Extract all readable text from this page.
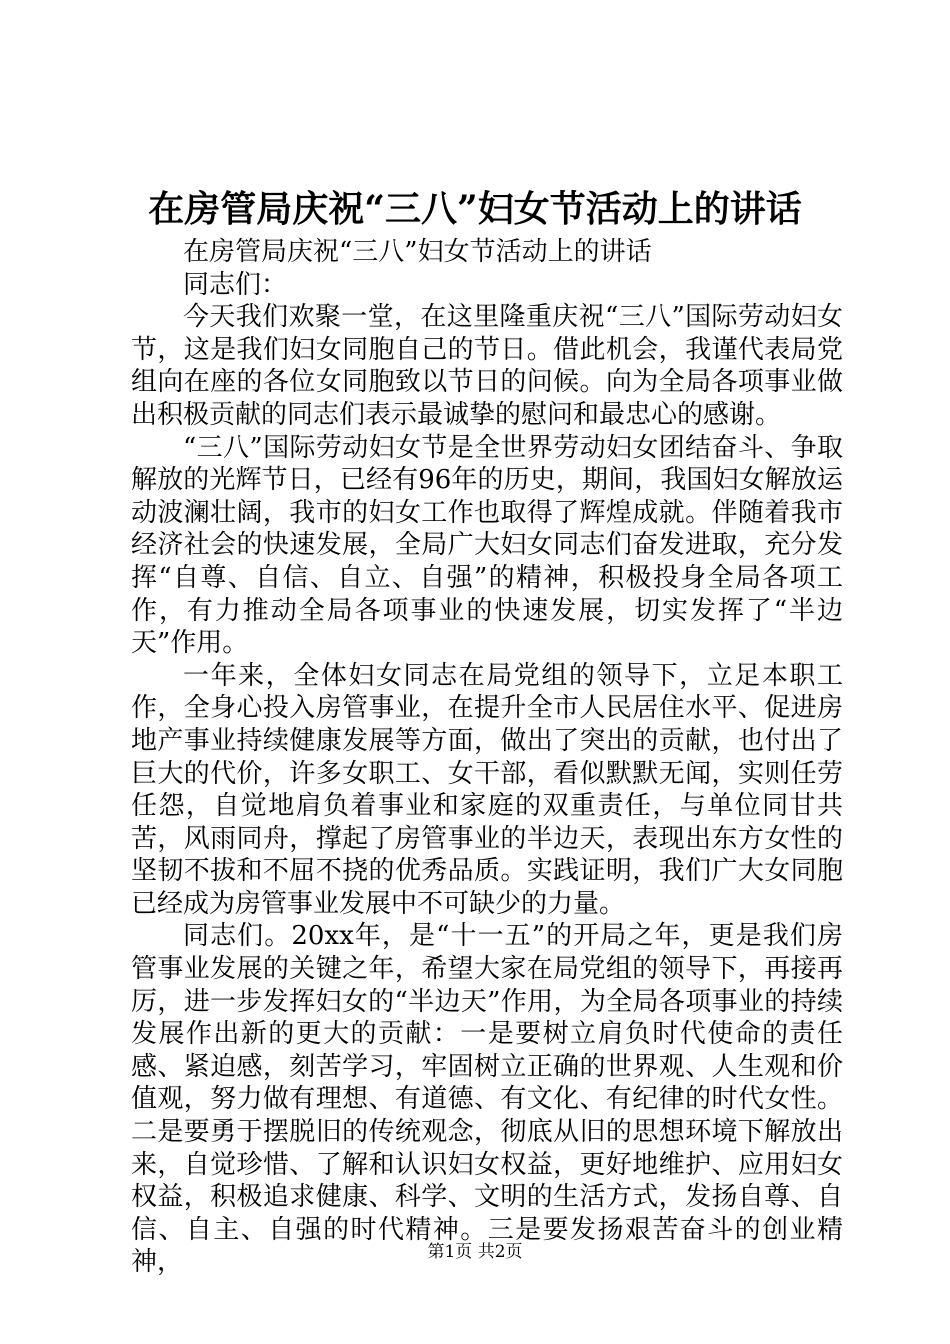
在房管局庆祝“三八”妇女节活动上的讲话

在房管局庆祝“三八”妇女节活动上的讲话

同志们：

今天我们欢聚一堂，在这里隆重庆祝“三八”国际劳动妇女节，这是我们妇女同胞自己的节日。借此机会，我谨代表局党组向在座的各位女同胞致以节日的问候。向为全局各项事业做出积极贡献的同志们表示最诚挚的慰问和最忠心的感谢。

“三八”国际劳动妇女节是全世界劳动妇女团结奋斗、争取解放的光辉节日，已经有96年的历史，期间，我国妇女解放运动波澜壮阔，我市的妇女工作也取得了辉煌成就。伴随着我市经济社会的快速发展，全局广大妇女同志们奋发进取，充分发挥“自尊、自信、自立、自强”的精神，积极投身全局各项工作，有力推动全局各项事业的快速发展，切实发挥了“半边天”作用。

一年来，全体妇女同志在局党组的领导下，立足本职工作，全身心投入房管事业，在提升全市人民居住水平、促进房地产事业持续健康发展等方面，做出了突出的贡献，也付出了巨大的代价，许多女职工、女干部，看似默默无闻，实则任劳任怨，自觉地肩负着事业和家庭的双重责任，与单位同甘共苦，风雨同舟，撑起了房管事业的半边天，表现出东方女性的坚韧不拔和不屈不挠的优秀品质。实践证明，我们广大女同胞已经成为房管事业发展中不可缺少的力量。

同志们。20xx年，是“十一五”的开局之年，更是我们房管事业发展的关键之年，希望大家在局党组的领导下，再接再厉，进一步发挥妇女的“半边天”作用，为全局各项事业的持续发展作出新的更大的贡献：一是要树立肩负时代使命的责任感、紧迫感，刻苦学习，牢固树立正确的世界观、人生观和价值观，努力做有理想、有道德、有文化、有纪律的时代女性。二是要勇于摆脱旧的传统观念，彻底从旧的思想环境下解放出来，自觉珍惜、了解和认识妇女权益，更好地维护、应用妇女权益，积极追求健康、科学、文明的生活方式，发扬自尊、自信、自主、自强的时代精神。三是要发扬艰苦奋斗的创业精神，	第1页 共2页
